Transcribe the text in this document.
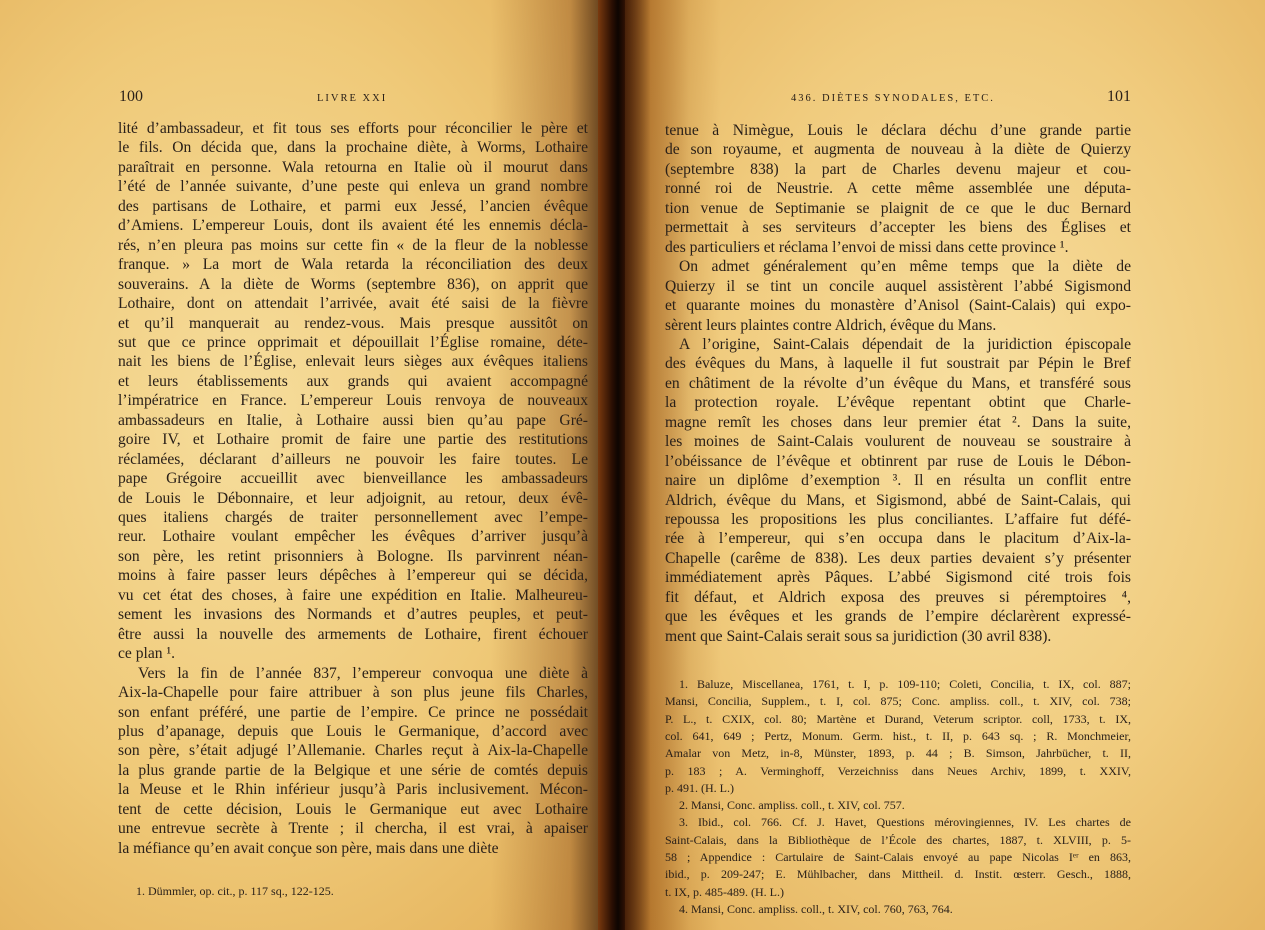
100	LIVRE XXI
lité d’ambassadeur, et fit tous ses efforts pour réconcilier le père et
le fils. On décida que, dans la prochaine diète, à Worms, Lothaire
paraîtrait en personne. Wala retourna en Italie où il mourut dans
l’été de l’année suivante, d’une peste qui enleva un grand nombre
des partisans de Lothaire, et parmi eux Jessé, l’ancien évêque
d’Amiens. L’empereur Louis, dont ils avaient été les ennemis décla-
rés, n’en pleura pas moins sur cette fin « de la fleur de la noblesse
franque. » La mort de Wala retarda la réconciliation des deux
souverains. A la diète de Worms (septembre 836), on apprit que
Lothaire, dont on attendait l’arrivée, avait été saisi de la fièvre
et qu’il manquerait au rendez-vous. Mais presque aussitôt on
sut que ce prince opprimait et dépouillait l’Église romaine, déte-
nait les biens de l’Église, enlevait leurs sièges aux évêques italiens
et leurs établissements aux grands qui avaient accompagné
l’impératrice en France. L’empereur Louis renvoya de nouveaux
ambassadeurs en Italie, à Lothaire aussi bien qu’au pape Gré-
goire IV, et Lothaire promit de faire une partie des restitutions
réclamées, déclarant d’ailleurs ne pouvoir les faire toutes. Le
pape Grégoire accueillit avec bienveillance les ambassadeurs
de Louis le Débonnaire, et leur adjoignit, au retour, deux évê-
ques italiens chargés de traiter personnellement avec l’empe-
reur. Lothaire voulant empêcher les évêques d’arriver jusqu’à
son père, les retint prisonniers à Bologne. Ils parvinrent néan-
moins à faire passer leurs dépêches à l’empereur qui se décida,
vu cet état des choses, à faire une expédition en Italie. Malheureu-
sement les invasions des Normands et d’autres peuples, et peut-
être aussi la nouvelle des armements de Lothaire, firent échouer
ce plan ¹.
Vers la fin de l’année 837, l’empereur convoqua une diète à
Aix-la-Chapelle pour faire attribuer à son plus jeune fils Charles,
son enfant préféré, une partie de l’empire. Ce prince ne possédait
plus d’apanage, depuis que Louis le Germanique, d’accord avec
son père, s’était adjugé l’Allemanie. Charles reçut à Aix-la-Chapelle
la plus grande partie de la Belgique et une série de comtés depuis
la Meuse et le Rhin inférieur jusqu’à Paris inclusivement. Mécon-
tent de cette décision, Louis le Germanique eut avec Lothaire
une entrevue secrète à Trente ; il chercha, il est vrai, à apaiser
la méfiance qu’en avait conçue son père, mais dans une diète
1. Dümmler, op. cit., p. 117 sq., 122-125.
436. DIÈTES SYNODALES, ETC.	101
tenue à Nimègue, Louis le déclara déchu d’une grande partie
de son royaume, et augmenta de nouveau à la diète de Quierzy
(septembre 838) la part de Charles devenu majeur et cou-
ronné roi de Neustrie. A cette même assemblée une députa-
tion venue de Septimanie se plaignit de ce que le duc Bernard
permettait à ses serviteurs d’accepter les biens des Églises et
des particuliers et réclama l’envoi de missi dans cette province ¹.
On admet généralement qu’en même temps que la diète de
Quierzy il se tint un concile auquel assistèrent l’abbé Sigismond
et quarante moines du monastère d’Anisol (Saint-Calais) qui expo-
sèrent leurs plaintes contre Aldrich, évêque du Mans.
A l’origine, Saint-Calais dépendait de la juridiction épiscopale
des évêques du Mans, à laquelle il fut soustrait par Pépin le Bref
en châtiment de la révolte d’un évêque du Mans, et transféré sous
la protection royale. L’évêque repentant obtint que Charle-
magne remît les choses dans leur premier état ². Dans la suite,
les moines de Saint-Calais voulurent de nouveau se soustraire à
l’obéissance de l’évêque et obtinrent par ruse de Louis le Débon-
naire un diplôme d’exemption ³. Il en résulta un conflit entre
Aldrich, évêque du Mans, et Sigismond, abbé de Saint-Calais, qui
repoussa les propositions les plus conciliantes. L’affaire fut défé-
rée à l’empereur, qui s’en occupa dans le placitum d’Aix-la-
Chapelle (carême de 838). Les deux parties devaient s’y présenter
immédiatement après Pâques. L’abbé Sigismond cité trois fois
fit défaut, et Aldrich exposa des preuves si péremptoires ⁴,
que les évêques et les grands de l’empire déclarèrent expressé-
ment que Saint-Calais serait sous sa juridiction (30 avril 838).
1. Baluze, Miscellanea, 1761, t. I, p. 109-110; Coleti, Concilia, t. IX, col. 887;
Mansi, Concilia, Supplem., t. I, col. 875; Conc. ampliss. coll., t. XIV, col. 738;
P. L., t. CXIX, col. 80; Martène et Durand, Veterum scriptor. coll, 1733, t. IX,
col. 641, 649 ; Pertz, Monum. Germ. hist., t. II, p. 643 sq. ; R. Monchmeier,
Amalar von Metz, in-8, Münster, 1893, p. 44 ; B. Simson, Jahrbücher, t. II,
p. 183 ; A. Verminghoff, Verzeichniss dans Neues Archiv, 1899, t. XXIV,
p. 491. (H. L.)
2. Mansi, Conc. ampliss. coll., t. XIV, col. 757.
3. Ibid., col. 766. Cf. J. Havet, Questions mérovingiennes, IV. Les chartes de
Saint-Calais, dans la Bibliothèque de l’École des chartes, 1887, t. XLVIII, p. 5-
58 ; Appendice : Cartulaire de Saint-Calais envoyé au pape Nicolas Iᵉʳ en 863,
ibid., p. 209-247; E. Mühlbacher, dans Mittheil. d. Instit. œsterr. Gesch., 1888,
t. IX, p. 485-489. (H. L.)
4. Mansi, Conc. ampliss. coll., t. XIV, col. 760, 763, 764.
